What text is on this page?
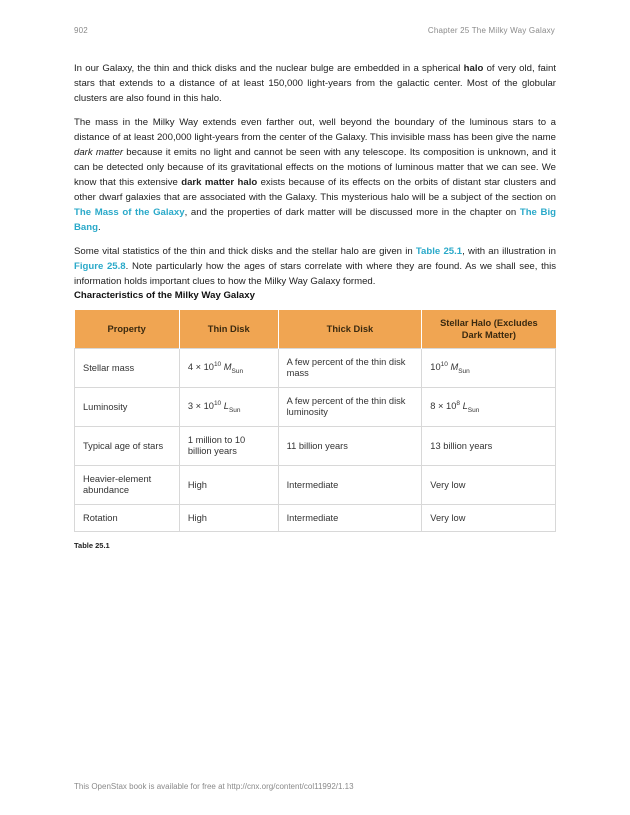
902	Chapter 25 The Milky Way Galaxy

In our Galaxy, the thin and thick disks and the nuclear bulge are embedded in a spherical halo of very old, faint stars that extends to a distance of at least 150,000 light-years from the galactic center. Most of the globular clusters are also found in this halo.

The mass in the Milky Way extends even farther out, well beyond the boundary of the luminous stars to a distance of at least 200,000 light-years from the center of the Galaxy. This invisible mass has been give the name dark matter because it emits no light and cannot be seen with any telescope. Its composition is unknown, and it can be detected only because of its gravitational effects on the motions of luminous matter that we can see. We know that this extensive dark matter halo exists because of its effects on the orbits of distant star clusters and other dwarf galaxies that are associated with the Galaxy. This mysterious halo will be a subject of the section on The Mass of the Galaxy, and the properties of dark matter will be discussed more in the chapter on The Big Bang.

Some vital statistics of the thin and thick disks and the stellar halo are given in Table 25.1, with an illustration in Figure 25.8. Note particularly how the ages of stars correlate with where they are found. As we shall see, this information holds important clues to how the Milky Way Galaxy formed.

Characteristics of the Milky Way Galaxy
Property	Thin Disk	Thick Disk	Stellar Halo (Excludes Dark Matter)
Stellar mass	$4 \times 10^{10}$ $M_{Sun}$	A few percent of the thin disk mass	$10^{10}$ $M_{Sun}$
Luminosity	$3 \times 10^{10}$ $L_{Sun}$	A few percent of the thin disk luminosity	$8 \times 10^8$ $L_{Sun}$
Typical age of stars	1 million to 10 billion years	11 billion years	13 billion years
Heavier-element abundance	High	Intermediate	Very low
Rotation	High	Intermediate	Very low
Table 25.1
This OpenStax book is available for free at http://cnx.org/content/col11992/1.13
